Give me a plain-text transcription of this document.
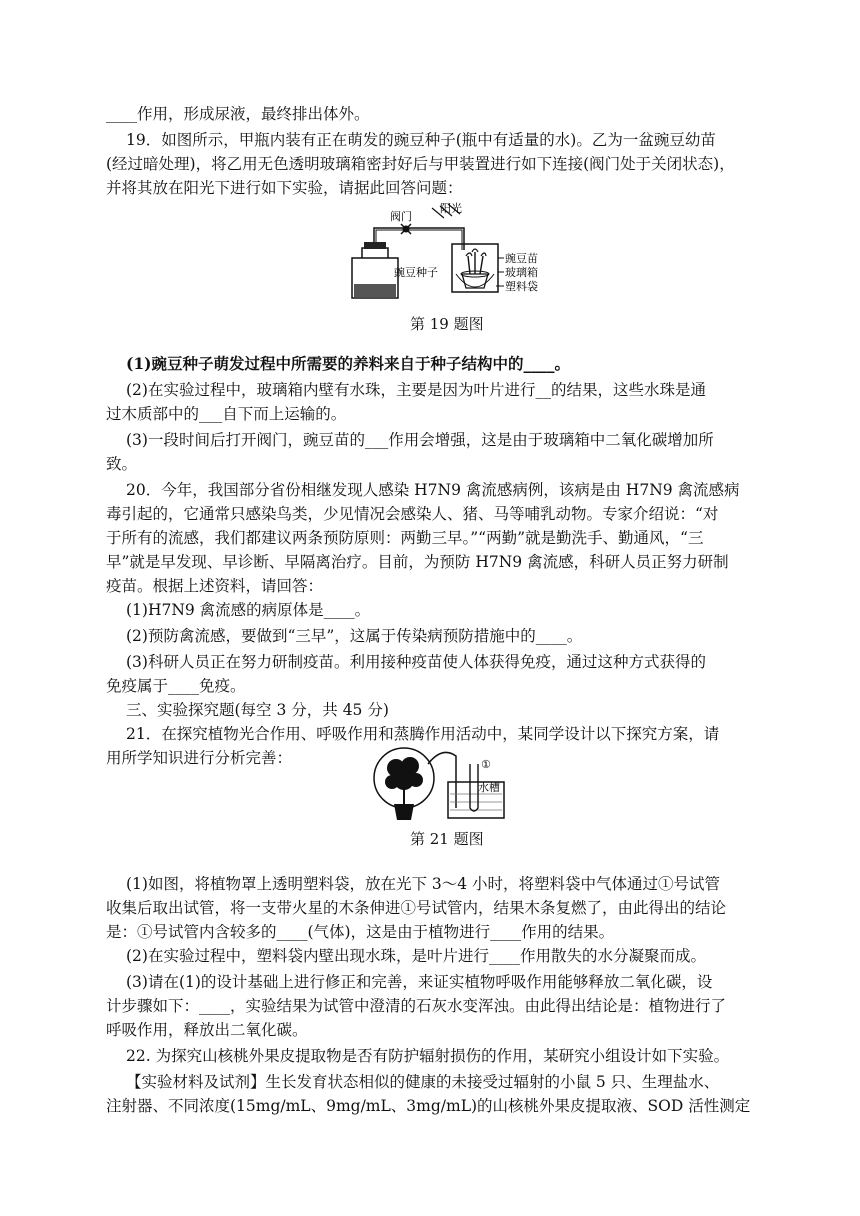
____作用，形成尿液，最终排出体外。
19．如图所示，甲瓶内装有正在萌发的豌豆种子(瓶中有适量的水)。乙为一盆豌豆幼苗
(经过暗处理)，将乙用无色透明玻璃箱密封好后与甲装置进行如下连接(阀门处于关闭状态)，
并将其放在阳光下进行如下实验，请据此回答问题：
阀门
阳光
豌豆种子
豌豆苗
玻璃箱
塑料袋
第 19 题图
(1)豌豆种子萌发过程中所需要的养料来自于种子结构中的____。
(2)在实验过程中，玻璃箱内壁有水珠，主要是因为叶片进行__的结果，这些水珠是通
过木质部中的___自下而上运输的。
(3)一段时间后打开阀门，豌豆苗的___作用会增强，这是由于玻璃箱中二氧化碳增加所
致。
20．今年，我国部分省份相继发现人感染 H7N9 禽流感病例，该病是由 H7N9 禽流感病
毒引起的，它通常只感染鸟类，少见情况会感染人、猪、马等哺乳动物。专家介绍说：“对
于所有的流感，我们都建议两条预防原则：两勤三早。”“两勤”就是勤洗手、勤通风，“三
早”就是早发现、早诊断、早隔离治疗。目前，为预防 H7N9 禽流感，科研人员正努力研制
疫苗。根据上述资料，请回答：
(1)H7N9 禽流感的病原体是____。
(2)预防禽流感，要做到“三早”，这属于传染病预防措施中的____。
(3)科研人员正在努力研制疫苗。利用接种疫苗使人体获得免疫，通过这种方式获得的
免疫属于____免疫。
三、实验探究题(每空 3 分，共 45 分)
21．在探究植物光合作用、呼吸作用和蒸腾作用活动中，某同学设计以下探究方案，请
用所学知识进行分析完善：	①
水槽
第 21 题图
(1)如图，将植物罩上透明塑料袋，放在光下 3～4 小时，将塑料袋中气体通过①号试管
收集后取出试管，将一支带火星的木条伸进①号试管内，结果木条复燃了，由此得出的结论
是：①号试管内含较多的____(气体)，这是由于植物进行____作用的结果。
(2)在实验过程中，塑料袋内壁出现水珠，是叶片进行____作用散失的水分凝聚而成。
(3)请在(1)的设计基础上进行修正和完善，来证实植物呼吸作用能够释放二氧化碳，设
计步骤如下：____，实验结果为试管中澄清的石灰水变浑浊。由此得出结论是：植物进行了
呼吸作用，释放出二氧化碳。
22. 为探究山核桃外果皮提取物是否有防护辐射损伤的作用，某研究小组设计如下实验。
【实验材料及试剂】生长发育状态相似的健康的未接受过辐射的小鼠 5 只、生理盐水、
注射器、不同浓度(15mg/mL、9mg/mL、3mg/mL)的山核桃外果皮提取液、SOD 活性测定
